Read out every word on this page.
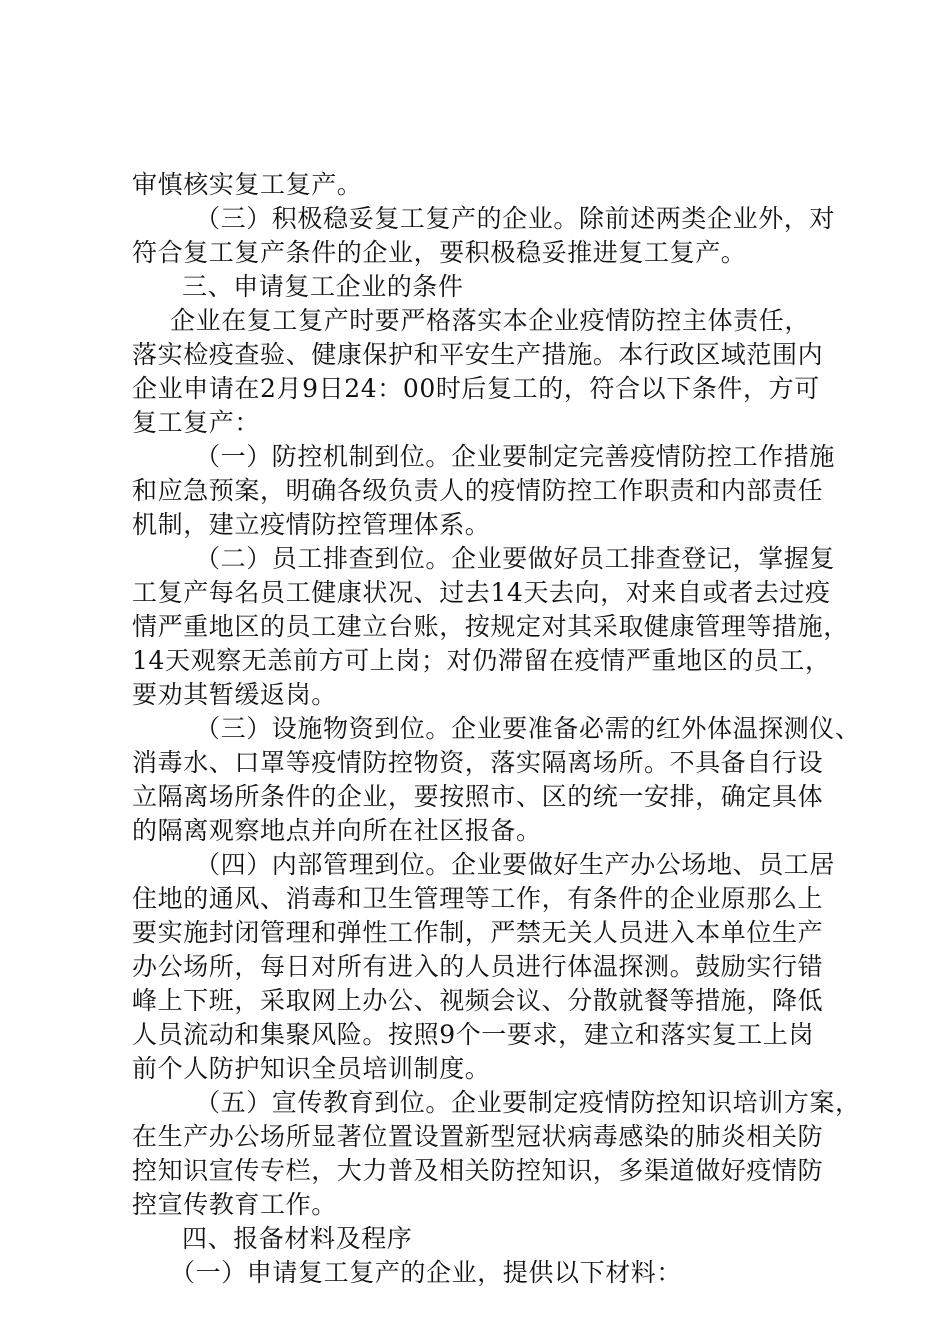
审慎核实复工复产。
（三）积极稳妥复工复产的企业。除前述两类企业外，对
符合复工复产条件的企业，要积极稳妥推进复工复产。
三、申请复工企业的条件
企业在复工复产时要严格落实本企业疫情防控主体责任，
落实检疫查验、健康保护和平安生产措施。本行政区域范围内
企业申请在2月9日24：00时后复工的，符合以下条件，方可
复工复产：
（一）防控机制到位。企业要制定完善疫情防控工作措施
和应急预案，明确各级负责人的疫情防控工作职责和内部责任
机制，建立疫情防控管理体系。
（二）员工排查到位。企业要做好员工排查登记，掌握复
工复产每名员工健康状况、过去14天去向，对来自或者去过疫
情严重地区的员工建立台账，按规定对其采取健康管理等措施，
14天观察无恙前方可上岗；对仍滞留在疫情严重地区的员工，
要劝其暂缓返岗。
（三）设施物资到位。企业要准备必需的红外体温探测仪、
消毒水、口罩等疫情防控物资，落实隔离场所。不具备自行设
立隔离场所条件的企业，要按照市、区的统一安排，确定具体
的隔离观察地点并向所在社区报备。
（四）内部管理到位。企业要做好生产办公场地、员工居
住地的通风、消毒和卫生管理等工作，有条件的企业原那么上
要实施封闭管理和弹性工作制，严禁无关人员进入本单位生产
办公场所，每日对所有进入的人员进行体温探测。鼓励实行错
峰上下班，采取网上办公、视频会议、分散就餐等措施，降低
人员流动和集聚风险。按照9个一要求，建立和落实复工上岗
前个人防护知识全员培训制度。
（五）宣传教育到位。企业要制定疫情防控知识培训方案，
在生产办公场所显著位置设置新型冠状病毒感染的肺炎相关防
控知识宣传专栏，大力普及相关防控知识，多渠道做好疫情防
控宣传教育工作。
四、报备材料及程序
（一）申请复工复产的企业，提供以下材料：
